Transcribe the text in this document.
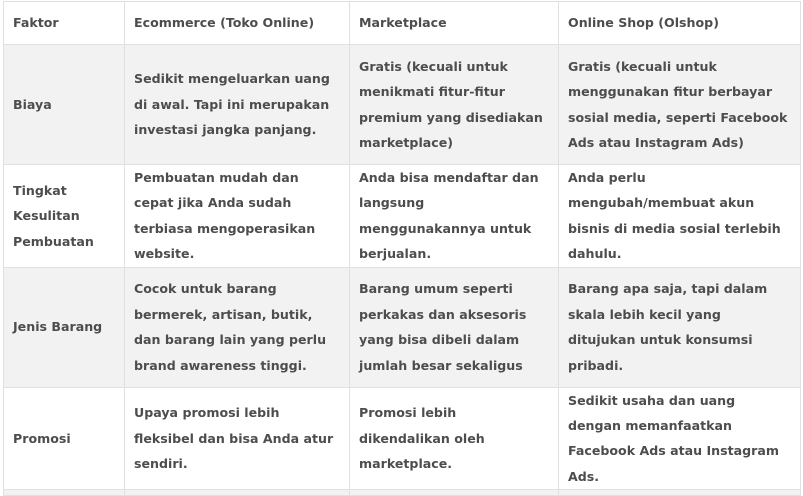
Faktor	Ecommerce (Toko Online)	Marketplace	Online Shop (Olshop)
Biaya	Sedikit mengeluarkan uang di awal. Tapi ini merupakan investasi jangka panjang.	Gratis (kecuali untuk menikmati fitur-fitur premium yang disediakan marketplace)	Gratis (kecuali untuk menggunakan fitur berbayar sosial media, seperti Facebook Ads atau Instagram Ads)
Tingkat Kesulitan Pembuatan	Pembuatan mudah dan cepat jika Anda sudah terbiasa mengoperasikan website.	Anda bisa mendaftar dan langsung menggunakannya untuk berjualan.	Anda perlu mengubah/membuat akun bisnis di media sosial terlebih dahulu.
Jenis Barang	Cocok untuk barang bermerek, artisan, butik, dan barang lain yang perlu brand awareness tinggi.	Barang umum seperti perkakas dan aksesoris yang bisa dibeli dalam jumlah besar sekaligus	Barang apa saja, tapi dalam skala lebih kecil yang ditujukan untuk konsumsi pribadi.
Promosi	Upaya promosi lebih fleksibel dan bisa Anda atur sendiri.	Promosi lebih dikendalikan oleh marketplace.	Sedikit usaha dan uang dengan memanfaatkan Facebook Ads atau Instagram Ads.
